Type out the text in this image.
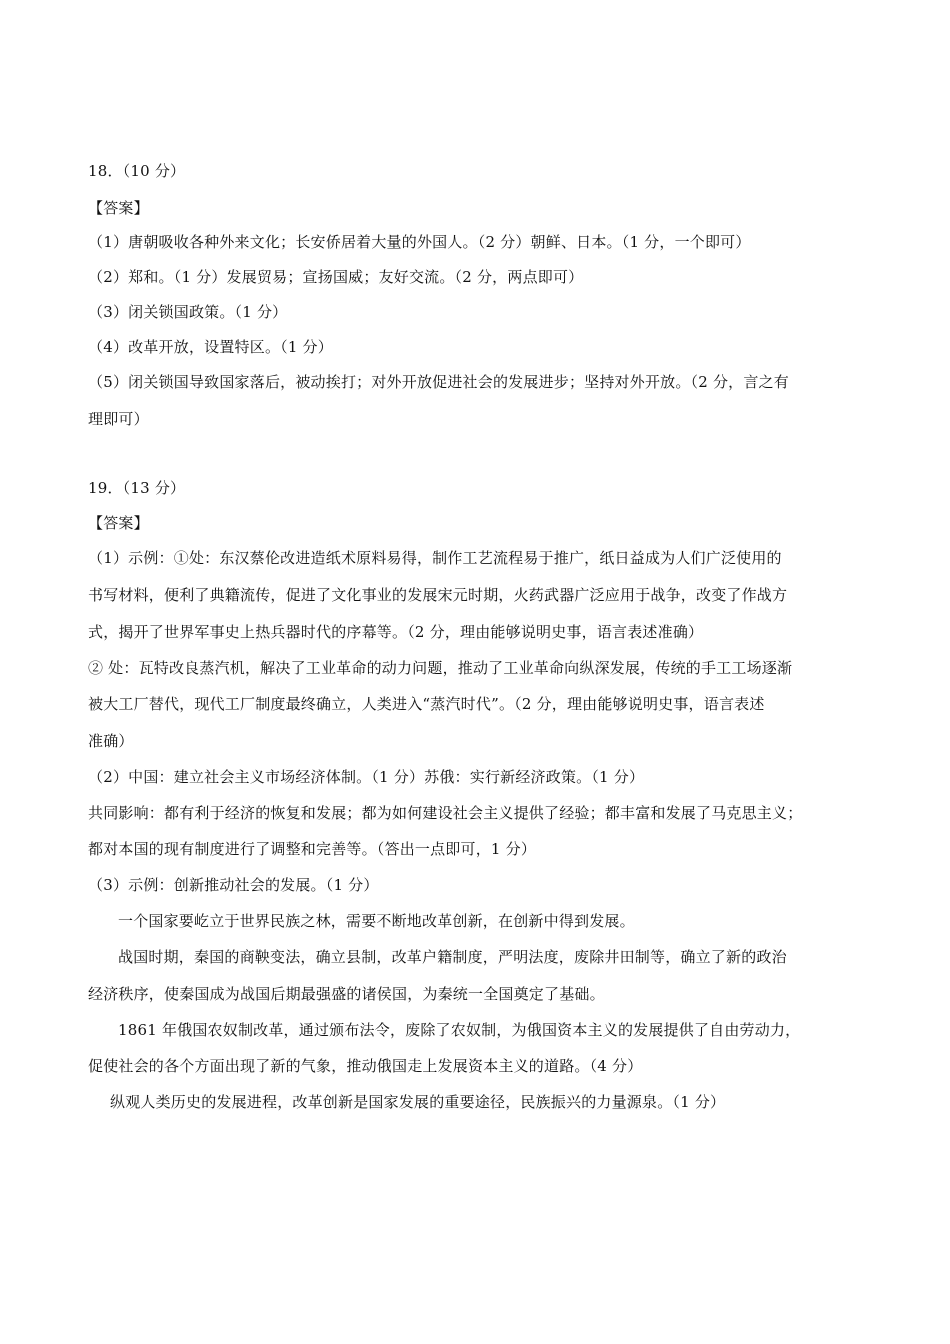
18．（10 分）
【答案】
（1）唐朝吸收各种外来文化；长安侨居着大量的外国人。（2 分）朝鲜、日本。（1 分，一个即可）
（2）郑和。（1 分）发展贸易；宣扬国威；友好交流。（2 分，两点即可）
（3）闭关锁国政策。（1 分）
（4）改革开放，设置特区。（1 分）
（5）闭关锁国导致国家落后，被动挨打；对外开放促进社会的发展进步；坚持对外开放。（2 分，言之有
理即可）
19．（13 分）
【答案】
（1）示例：①处：东汉蔡伦改进造纸术原料易得，制作工艺流程易于推广，纸日益成为人们广泛使用的
书写材料，便利了典籍流传，促进了文化事业的发展宋元时期，火药武器广泛应用于战争，改变了作战方
式，揭开了世界军事史上热兵器时代的序幕等。（2 分，理由能够说明史事，语言表述准确）
② 处：瓦特改良蒸汽机，解决了工业革命的动力问题，推动了工业革命向纵深发展，传统的手工工场逐渐
被大工厂替代，现代工厂制度最终确立，人类进入“蒸汽时代”。（2 分，理由能够说明史事，语言表述
准确）
（2）中国：建立社会主义市场经济体制。（1 分）苏俄：实行新经济政策。（1 分）
共同影响：都有利于经济的恢复和发展；都为如何建设社会主义提供了经验；都丰富和发展了马克思主义；
都对本国的现有制度进行了调整和完善等。（答出一点即可，1 分）
（3）示例：创新推动社会的发展。（1 分）
一个国家要屹立于世界民族之林，需要不断地改革创新，在创新中得到发展。
战国时期，秦国的商鞅变法，确立县制，改革户籍制度，严明法度，废除井田制等，确立了新的政治
经济秩序，使秦国成为战国后期最强盛的诸侯国，为秦统一全国奠定了基础。
1861 年俄国农奴制改革，通过颁布法令，废除了农奴制，为俄国资本主义的发展提供了自由劳动力，
促使社会的各个方面出现了新的气象，推动俄国走上发展资本主义的道路。（4 分）
纵观人类历史的发展进程，改革创新是国家发展的重要途径，民族振兴的力量源泉。（1 分）
